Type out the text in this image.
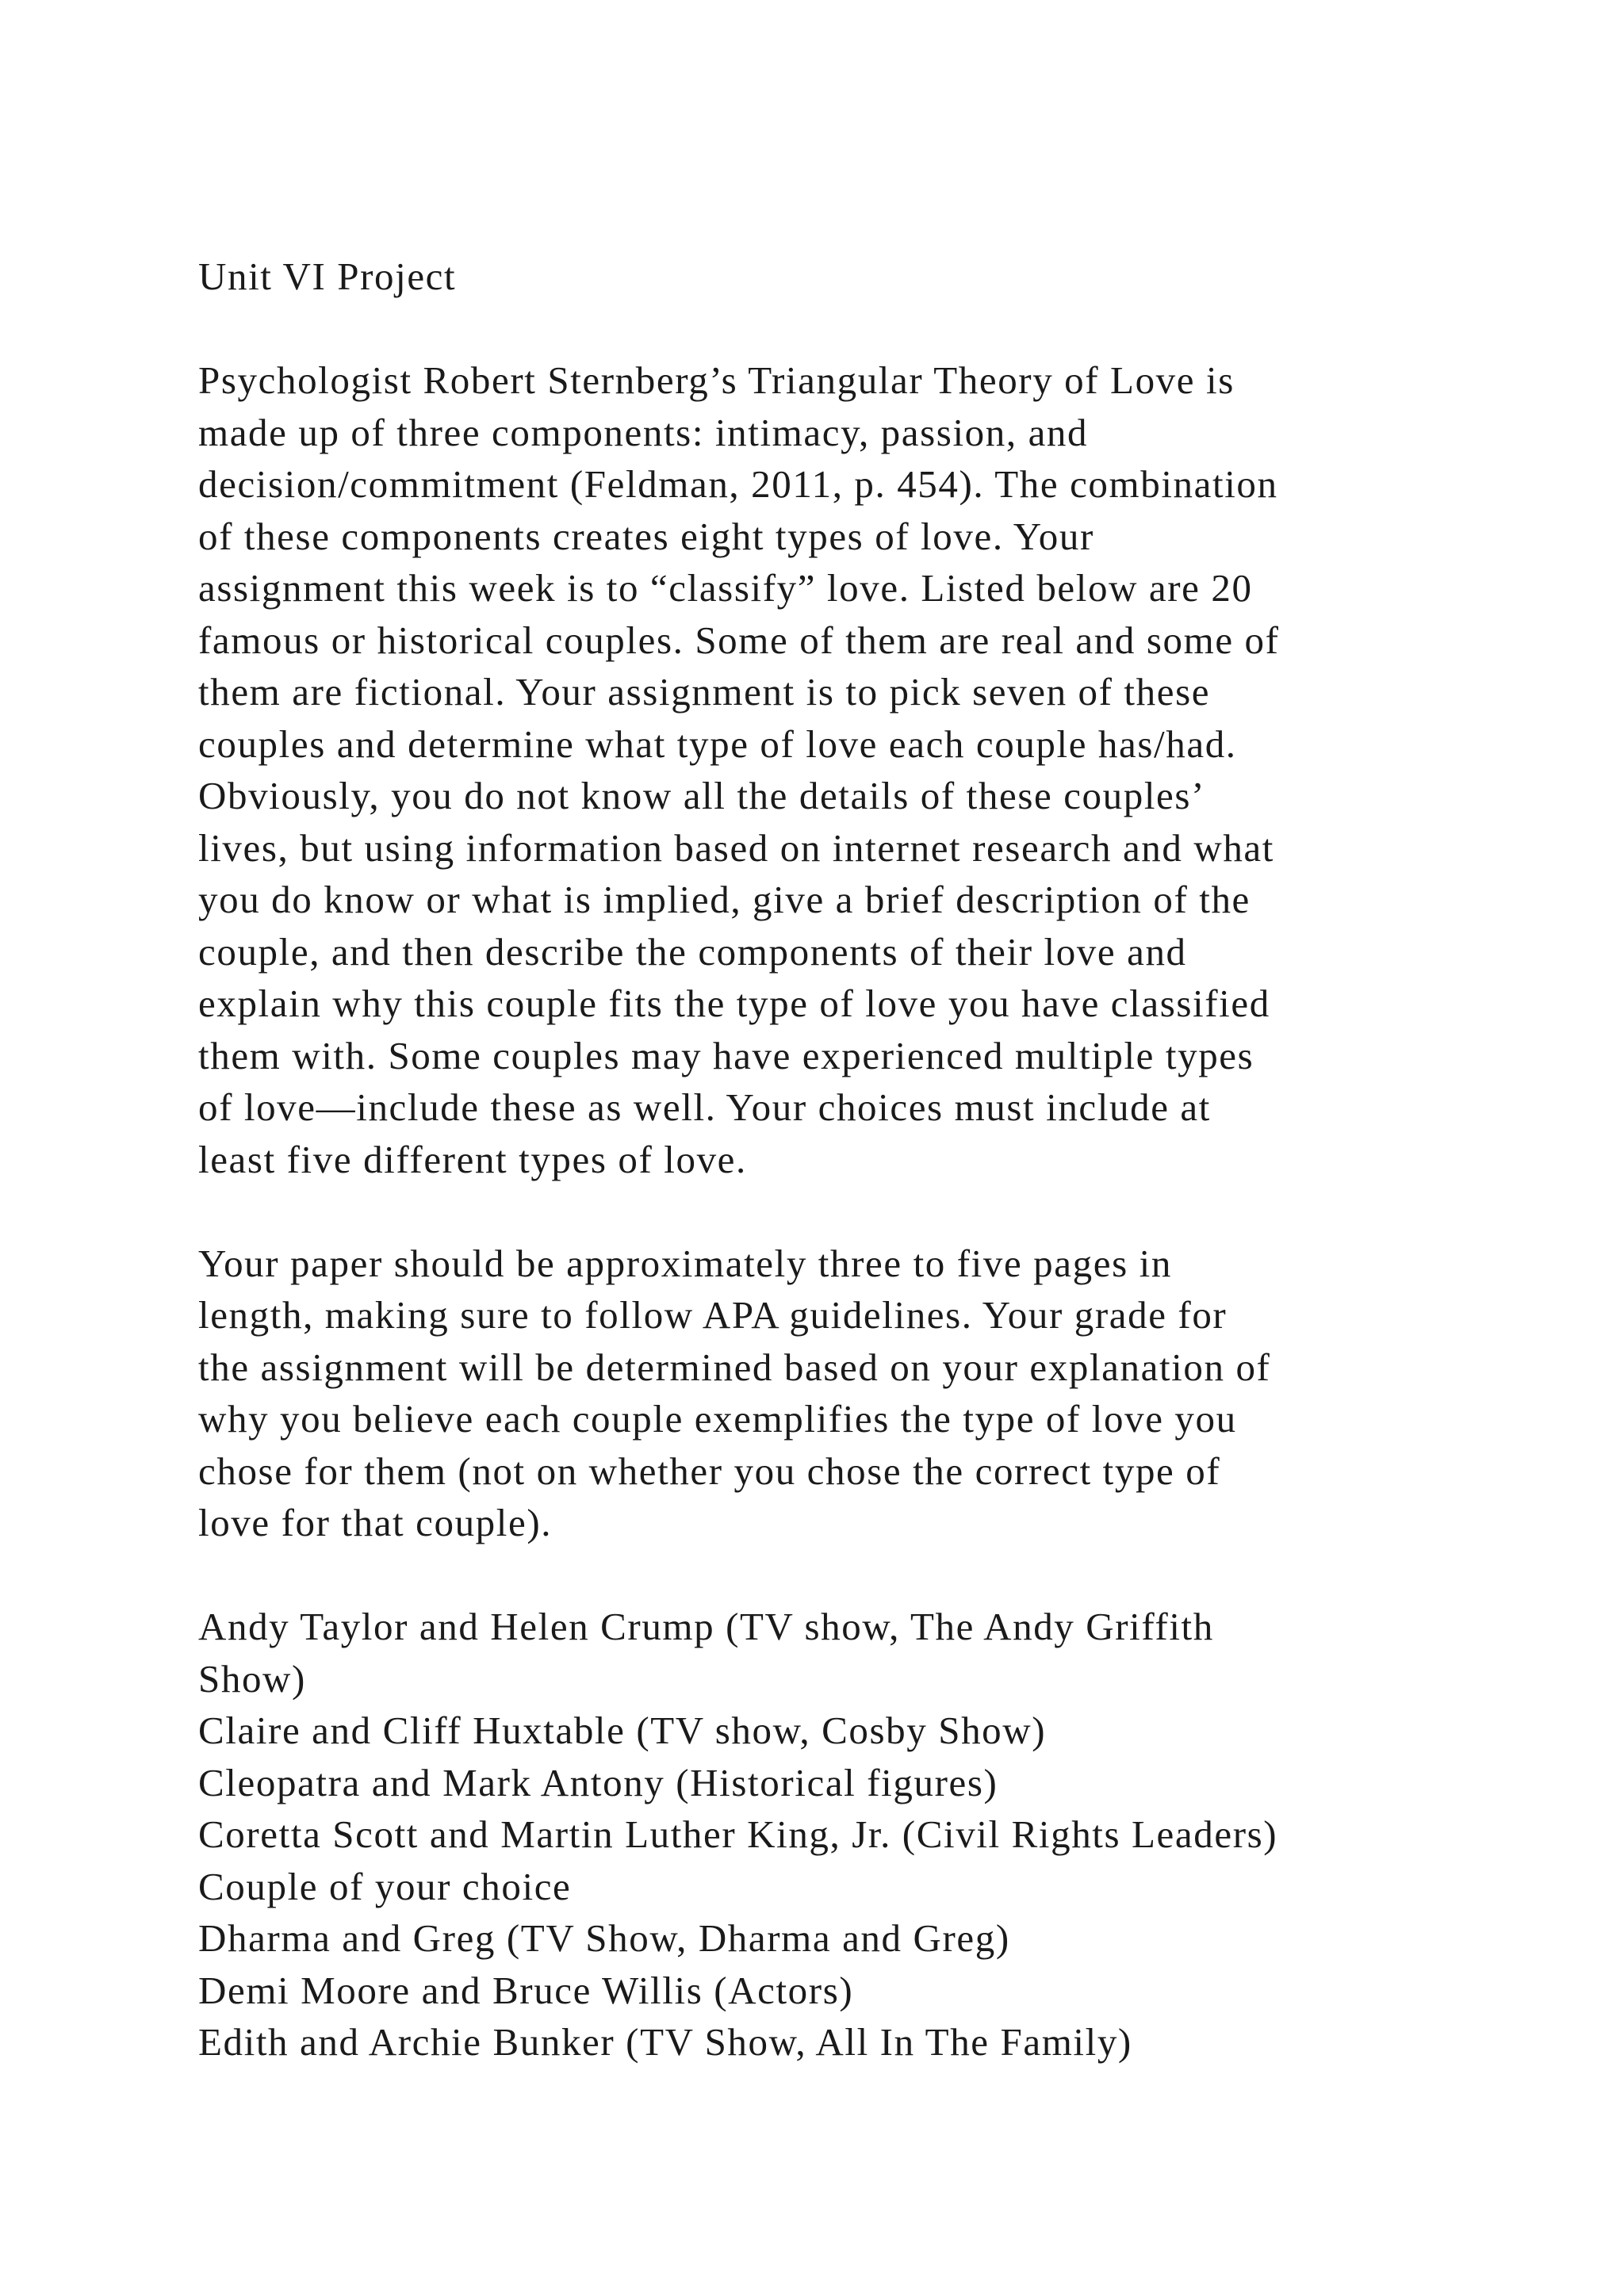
Unit VI Project

Psychologist Robert Sternberg’s Triangular Theory of Love is
made up of three components: intimacy, passion, and
decision/commitment (Feldman, 2011, p. 454). The combination
of these components creates eight types of love. Your
assignment this week is to “classify” love. Listed below are 20
famous or historical couples. Some of them are real and some of
them are fictional. Your assignment is to pick seven of these
couples and determine what type of love each couple has/had.
Obviously, you do not know all the details of these couples’
lives, but using information based on internet research and what
you do know or what is implied, give a brief description of the
couple, and then describe the components of their love and
explain why this couple fits the type of love you have classified
them with. Some couples may have experienced multiple types
of love—include these as well. Your choices must include at
least five different types of love.

Your paper should be approximately three to five pages in
length, making sure to follow APA guidelines. Your grade for
the assignment will be determined based on your explanation of
why you believe each couple exemplifies the type of love you
chose for them (not on whether you chose the correct type of
love for that couple).

Andy Taylor and Helen Crump (TV show, The Andy Griffith
Show)
Claire and Cliff Huxtable (TV show, Cosby Show)
Cleopatra and Mark Antony (Historical figures)
Coretta Scott and Martin Luther King, Jr. (Civil Rights Leaders)
Couple of your choice
Dharma and Greg (TV Show, Dharma and Greg)
Demi Moore and Bruce Willis (Actors)
Edith and Archie Bunker (TV Show, All In The Family)
